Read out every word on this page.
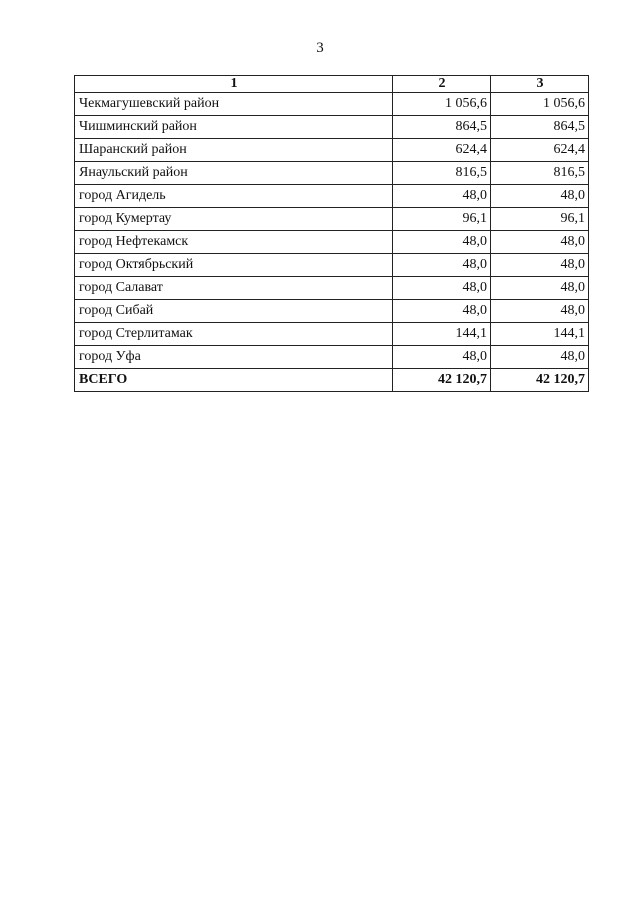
3
1	2	3
Чекмагушевский район	1 056,6	1 056,6
Чишминский район	864,5	864,5
Шаранский район	624,4	624,4
Янаульский район	816,5	816,5
город Агидель	48,0	48,0
город Кумертау	96,1	96,1
город Нефтекамск	48,0	48,0
город Октябрьский	48,0	48,0
город Салават	48,0	48,0
город Сибай	48,0	48,0
город Стерлитамак	144,1	144,1
город Уфа	48,0	48,0
ВСЕГО	42 120,7	42 120,7
